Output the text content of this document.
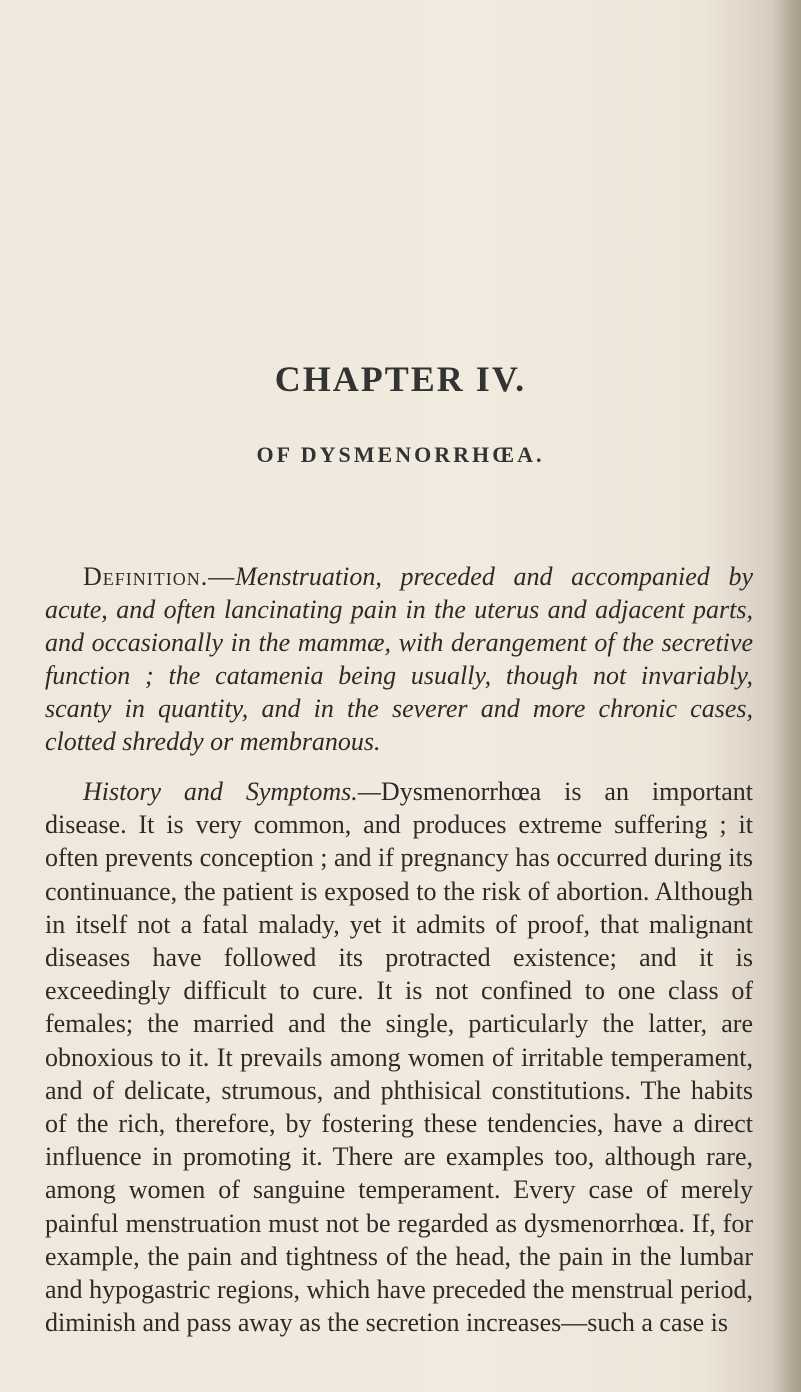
CHAPTER IV.
OF DYSMENORRHŒA.

Definition.—Menstruation, preceded and accompanied by acute, and often lancinating pain in the uterus and adjacent parts, and occasionally in the mammæ, with derangement of the secretive function ; the catamenia being usually, though not invariably, scanty in quantity, and in the severer and more chronic cases, clotted shreddy or membranous.

History and Symptoms.—Dysmenorrhœa is an important disease. It is very common, and produces extreme suffering ; it often prevents conception ; and if pregnancy has occurred during its continuance, the patient is exposed to the risk of abortion. Although in itself not a fatal malady, yet it admits of proof, that malignant diseases have followed its protracted existence; and it is exceedingly difficult to cure. It is not confined to one class of females; the married and the single, particularly the latter, are obnoxious to it. It prevails among women of irritable temperament, and of delicate, strumous, and phthisical constitutions. The habits of the rich, therefore, by fostering these tendencies, have a direct influence in promoting it. There are examples too, although rare, among women of sanguine temperament. Every case of merely painful menstruation must not be regarded as dysmenorrhœa. If, for example, the pain and tightness of the head, the pain in the lumbar and hypogastric regions, which have preceded the menstrual period, diminish and pass away as the secretion increases—such a case is
